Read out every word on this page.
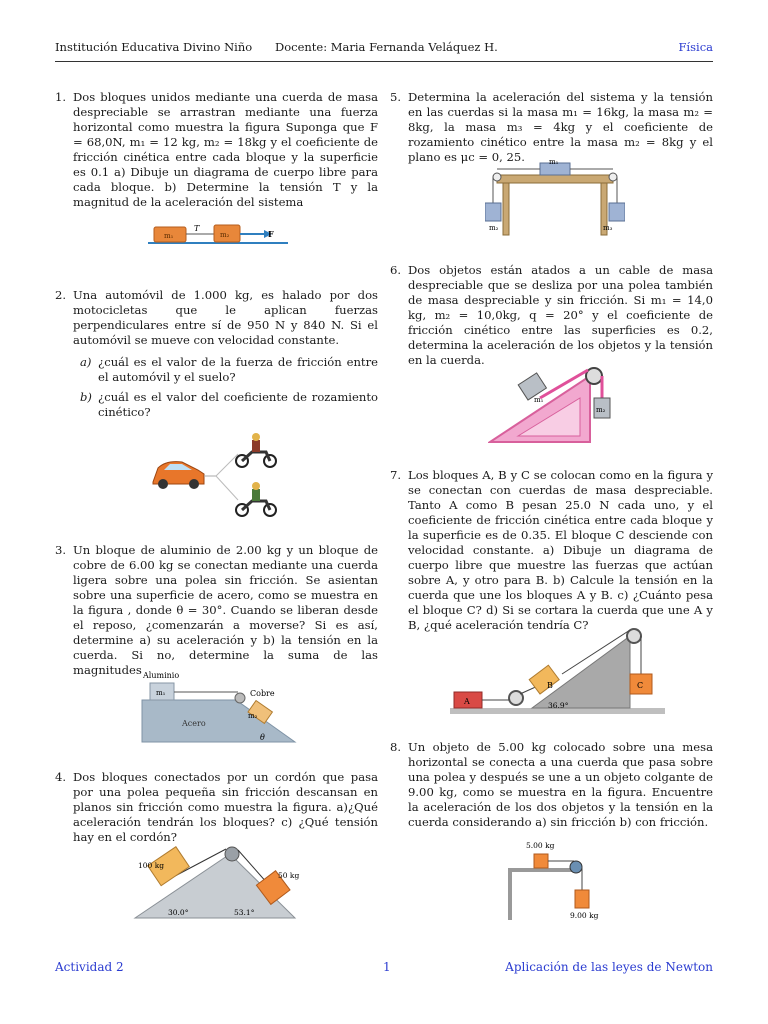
Institución Educativa Divino Niño Docente: Maria Fernanda Veláquez H.	Física
1. Dos bloques unidos mediante una cuerda de masa despreciable se arrastran mediante una fuerza horizontal como muestra la figura Suponga que F = 68,0N, m₁ = 12 kg, m₂ = 18kg y el coeficiente de fricción cinética entre cada bloque y la superficie es 0.1 a) Dibuje un diagrama de cuerpo libre para cada bloque. b) Determine la tensión T y la magnitud de la aceleración del sistema

m₁
T
m₂	F
2. Una automóvil de 1.000 kg, es halado por dos motocicletas que le aplican fuerzas perpendiculares entre sí de 950 N y 840 N. Si el automóvil se mueve con velocidad constante.

a) ¿cuál es el valor de la fuerza de fricción entre el automóvil y el suelo?
b) ¿cuál es el valor del coeficiente de rozamiento cinético?
3. Un bloque de aluminio de 2.00 kg y un bloque de cobre de 6.00 kg se conectan mediante una cuerda ligera sobre una polea sin fricción. Se asientan sobre una superficie de acero, como se muestra en la figura , donde θ = 30°. Cuando se liberan desde el reposo, ¿comenzarán a moverse? Si es así, determine a) su aceleración y b) la tensión en la cuerda. Si no, determine la suma de las magnitudes Aluminio
m₁	Cobre
m₂
Acero
θ
4. Dos bloques conectados por un cordón que pasa por una polea pequeña sin fricción descansan en planos sin fricción como muestra la figura. a)¿Qué aceleración tendrán los bloques? c) ¿Qué tensión hay en el cordón?

100 kg
50 kg
30.0°	53.1°
5. Determina la aceleración del sistema y la tensión en las cuerdas si la masa m₁ = 16kg, la masa m₂ = 8kg, la masa m₃ = 4kg y el coeficiente de rozamiento cinético entre la masa m₂ = 8kg y el plano es μc = 0, 25.	m₁
m₂	m₃
6. Dos objetos están atados a un cable de masa despreciable que se desliza por una polea también de masa despreciable y sin fricción. Si m₁ = 14,0 kg, m₂ = 10,0kg, q = 20° y el coeficiente de fricción cinético entre las superficies es 0.2, determina la aceleración de los objetos y la tensión en la cuerda.

m₁
m₂
7. Los bloques A, B y C se colocan como en la figura y se conectan con cuerdas de masa despreciable. Tanto A como B pesan 25.0 N cada uno, y el coeficiente de fricción cinética entre cada bloque y la superficie es de 0.35. El bloque C desciende con velocidad constante. a) Dibuje un diagrama de cuerpo libre que muestre las fuerzas que actúan sobre A, y otro para B. b) Calcule la tensión en la cuerda que une los bloques A y B. c) ¿Cuánto pesa el bloque C? d) Si se cortara la cuerda que une A y B, ¿qué aceleración tendría C?

A
B	C
36.9°
8. Un objeto de 5.00 kg colocado sobre una mesa horizontal se conecta a una cuerda que pasa sobre una polea y después se une a un objeto colgante de 9.00 kg, como se muestra en la figura. Encuentre la aceleración de los dos objetos y la tensión en la cuerda considerando a) sin fricción b) con fricción.

5.00 kg
9.00 kg
Actividad 2	1	Aplicación de las leyes de Newton
